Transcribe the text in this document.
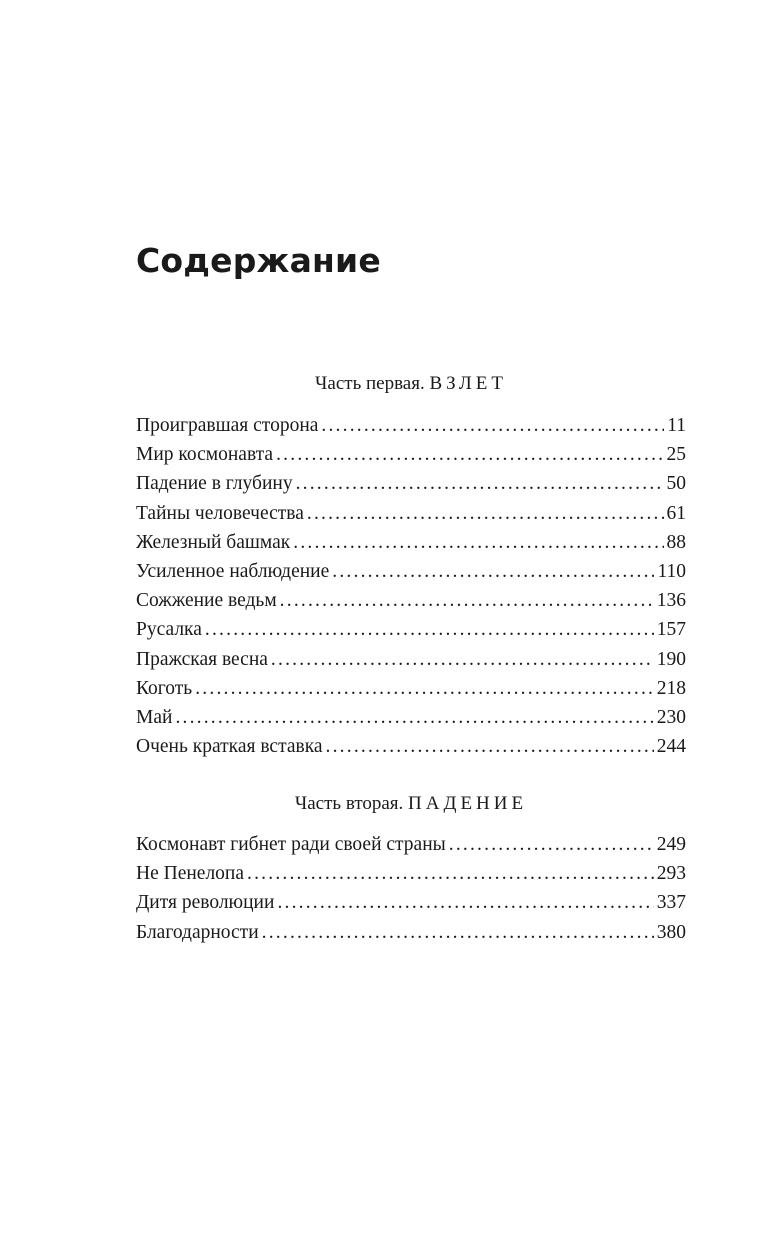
Содержание
Часть первая. ВЗЛЕТ
Проигравшая сторона .....	11
Мир космонавта .....	25
Падение в глубину .....	50
Тайны человечества .....	61
Железный башмак .....	88
Усиленное наблюдение .....	110
Сожжение ведьм .....	136
Русалка .....	157
Пражская весна .....	190
Коготь .....	218
Май .....	230
Очень краткая вставка .....	244
Часть вторая. ПАДЕНИЕ
Космонавт гибнет ради своей страны .....	249
Не Пенелопа .....	293
Дитя революции .....	337
Благодарности .....	380
